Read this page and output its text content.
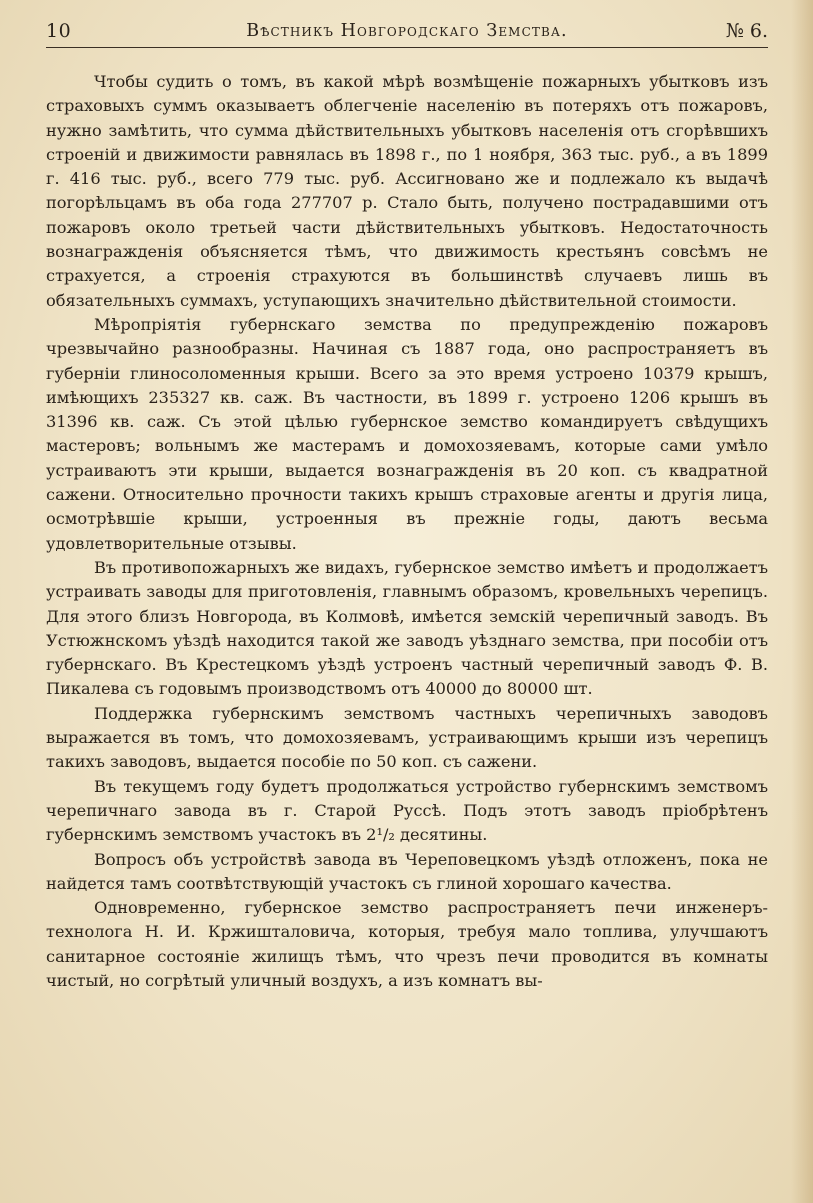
10	Вѣстникъ Новгородскаго Земства.	№ 6.

Чтобы судить о томъ, въ какой мѣрѣ возмѣщеніе пожарныхъ убытковъ изъ страховыхъ суммъ оказываетъ облегченіе населенію въ потеряхъ отъ пожаровъ, нужно замѣтить, что сумма дѣйствительныхъ убытковъ населенія отъ сгорѣвшихъ строеній и движимости равнялась въ 1898 г., по 1 ноября, 363 тыс. руб., а въ 1899 г. 416 тыс. руб., всего 779 тыс. руб. Ассигновано же и подлежало къ выдачѣ погорѣльцамъ въ оба года 277707 р. Стало быть, получено пострадавшими отъ пожаровъ около третьей части дѣйствительныхъ убытковъ. Недостаточность вознагражденія объясняется тѣмъ, что движимость крестьянъ совсѣмъ не страхуется, а строенія страхуются въ большинствѣ случаевъ лишь въ обязательныхъ суммахъ, уступающихъ значительно дѣйствительной стоимости.

Мѣропріятія губернскаго земства по предупрежденію пожаровъ чрезвычайно разнообразны. Начиная съ 1887 года, оно распространяетъ въ губерніи глиносоломенныя крыши. Всего за это время устроено 10379 крышъ, имѣющихъ 235327 кв. саж. Въ частности, въ 1899 г. устроено 1206 крышъ въ 31396 кв. саж. Съ этой цѣлью губернское земство командируетъ свѣдущихъ мастеровъ; вольнымъ же мастерамъ и домохозяевамъ, которые сами умѣло устраиваютъ эти крыши, выдается вознагражденія въ 20 коп. съ квадратной сажени. Относительно прочности такихъ крышъ страховые агенты и другія лица, осмотрѣвшіе крыши, устроенныя въ прежніе годы, даютъ весьма удовлетворительные отзывы.

Въ противопожарныхъ же видахъ, губернское земство имѣетъ и продолжаетъ устраивать заводы для приготовленія, главнымъ образомъ, кровельныхъ черепицъ. Для этого близъ Новгорода, въ Колмовѣ, имѣется земскій черепичный заводъ. Въ Устюжнскомъ уѣздѣ находится такой же заводъ уѣзднаго земства, при пособіи отъ губернскаго. Въ Крестецкомъ уѣздѣ устроенъ частный черепичный заводъ Ф. В. Пикалева съ годовымъ производствомъ отъ 40000 до 80000 шт.

Поддержка губернскимъ земствомъ частныхъ черепичныхъ заводовъ выражается въ томъ, что домохозяевамъ, устраивающимъ крыши изъ черепицъ такихъ заводовъ, выдается пособіе по 50 коп. съ сажени.

Въ текущемъ году будетъ продолжаться устройство губернскимъ земствомъ черепичнаго завода въ г. Старой Руссѣ. Подъ этотъ заводъ пріобрѣтенъ губернскимъ земствомъ участокъ въ 2¹/₂ десятины.

Вопросъ объ устройствѣ завода въ Череповецкомъ уѣздѣ отложенъ, пока не найдется тамъ соотвѣтствующій участокъ съ глиной хорошаго качества.

Одновременно, губернское земство распространяетъ печи инженеръ-технолога Н. И. Кржишталовича, которыя, требуя мало топлива, улучшаютъ санитарное состояніе жилищъ тѣмъ, что чрезъ печи проводится въ комнаты чистый, но согрѣтый уличный воздухъ, а изъ комнатъ вы-
